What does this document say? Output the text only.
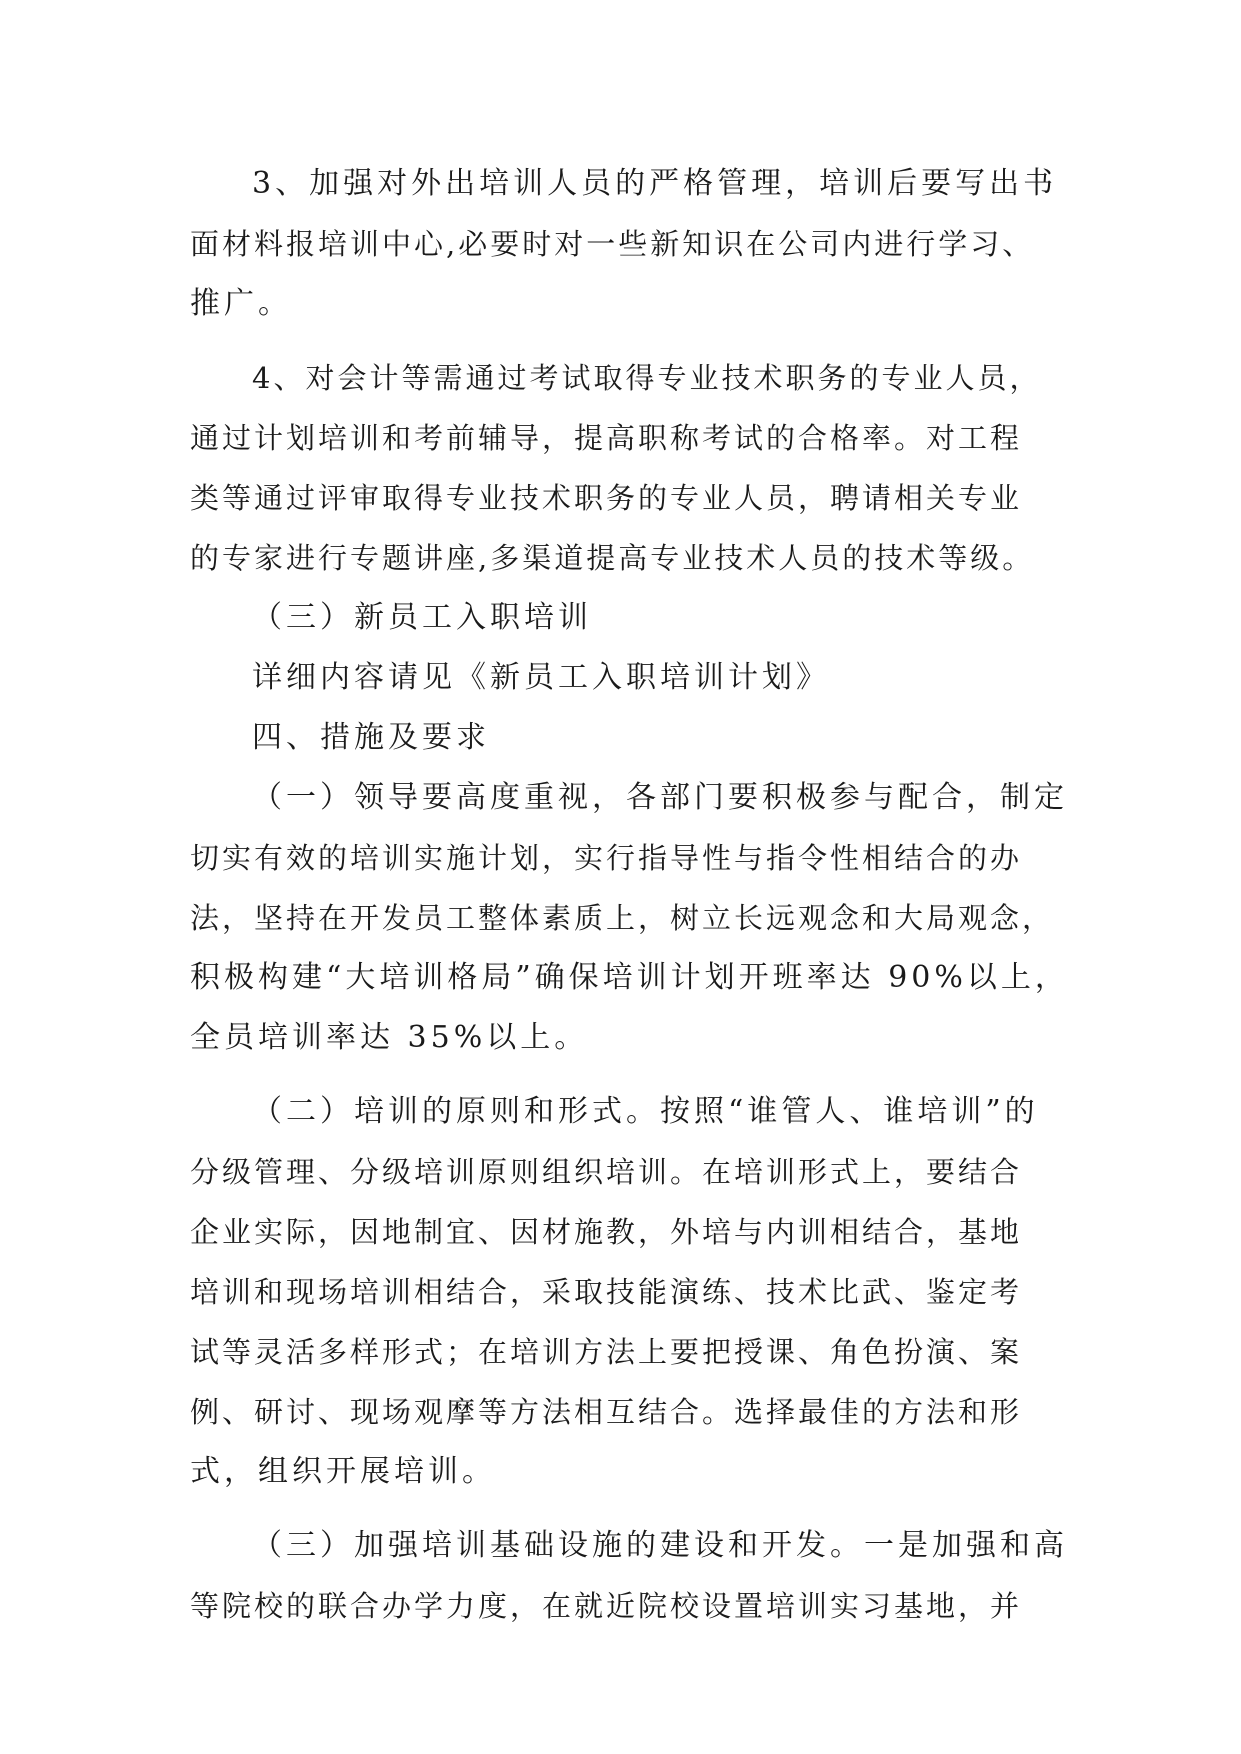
3、加强对外出培训人员的严格管理，培训后要写出书
面材料报培训中心,必要时对一些新知识在公司内进行学习、
推广。
4、对会计等需通过考试取得专业技术职务的专业人员，
通过计划培训和考前辅导，提高职称考试的合格率。对工程
类等通过评审取得专业技术职务的专业人员，聘请相关专业
的专家进行专题讲座,多渠道提高专业技术人员的技术等级。
（三）新员工入职培训
详细内容请见《新员工入职培训计划》
四、措施及要求
（一）领导要高度重视，各部门要积极参与配合，制定
切实有效的培训实施计划，实行指导性与指令性相结合的办
法，坚持在开发员工整体素质上，树立长远观念和大局观念，
积极构建“大培训格局”确保培训计划开班率达 90%以上，
全员培训率达 35%以上。
（二）培训的原则和形式。按照“谁管人、谁培训”的
分级管理、分级培训原则组织培训。在培训形式上，要结合
企业实际，因地制宜、因材施教，外培与内训相结合，基地
培训和现场培训相结合，采取技能演练、技术比武、鉴定考
试等灵活多样形式；在培训方法上要把授课、角色扮演、案
例、研讨、现场观摩等方法相互结合。选择最佳的方法和形
式，组织开展培训。
（三）加强培训基础设施的建设和开发。一是加强和高
等院校的联合办学力度，在就近院校设置培训实习基地，并
